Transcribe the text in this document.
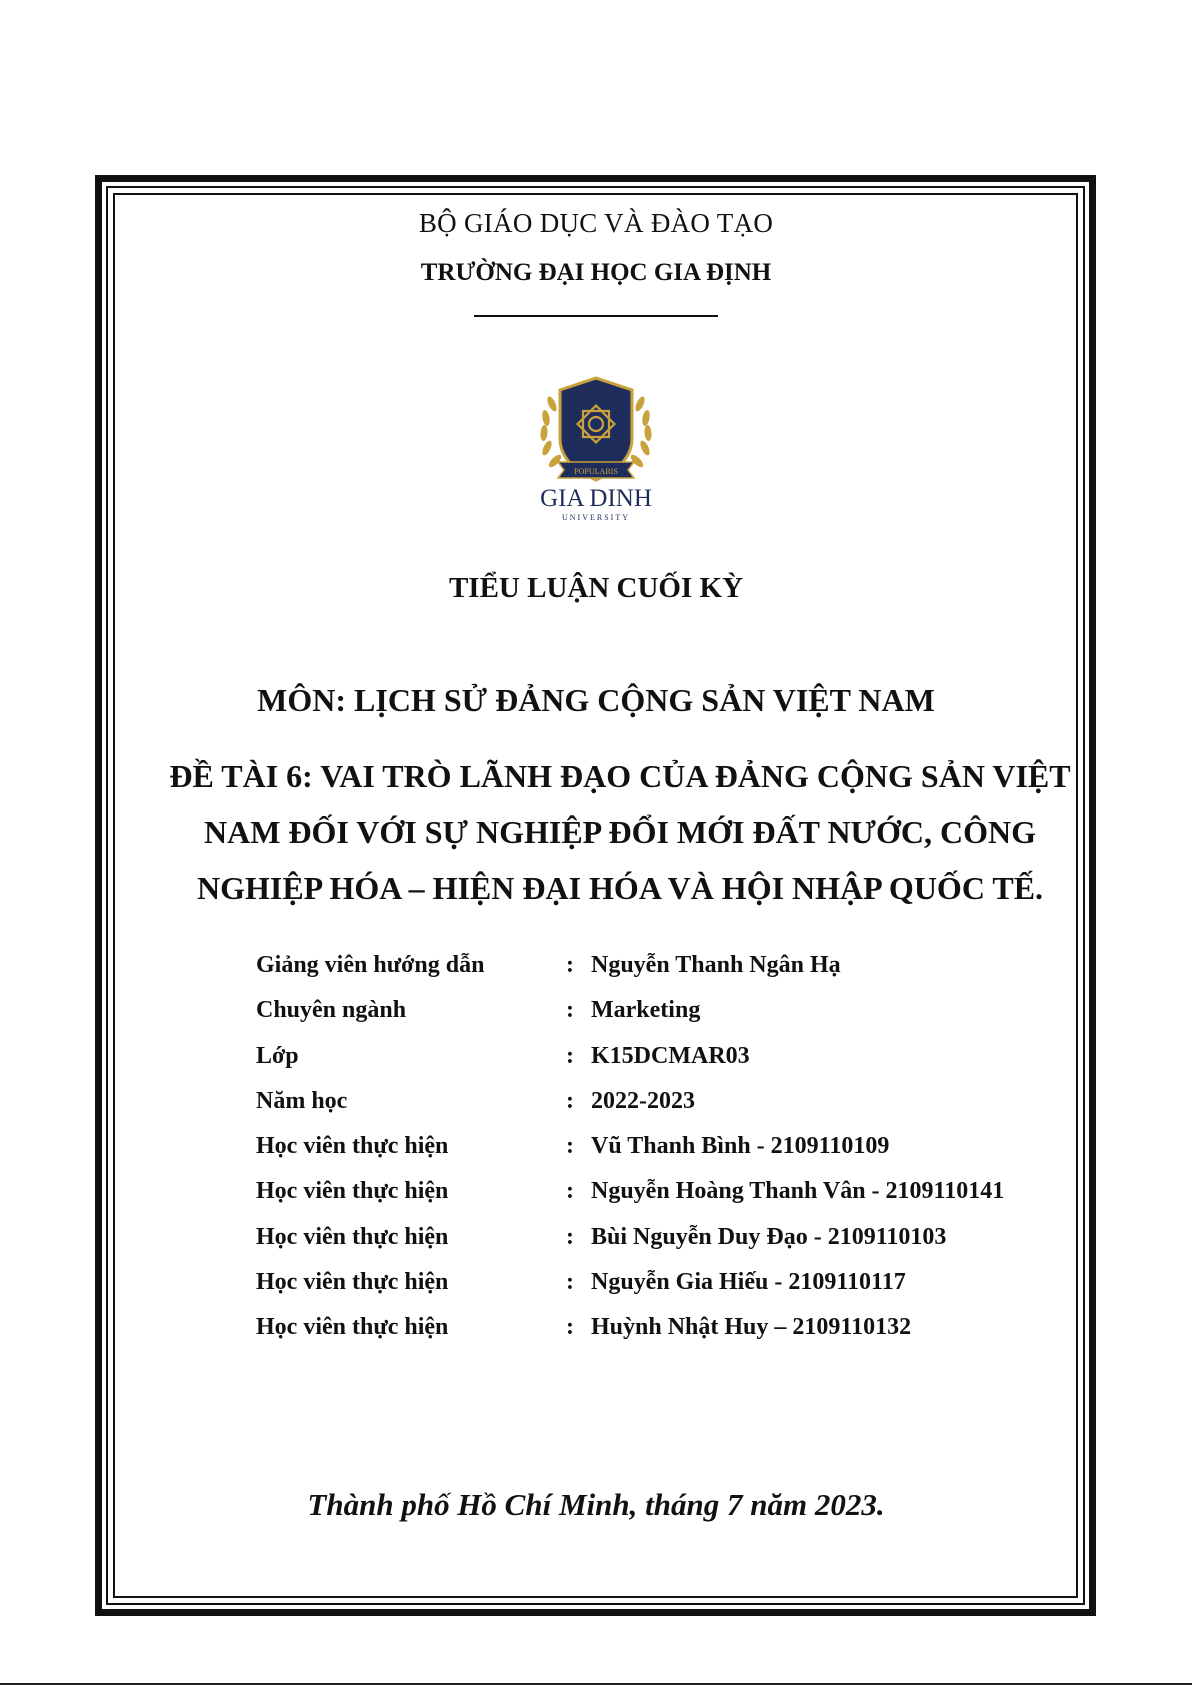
BỘ GIÁO DỤC VÀ ĐÀO TẠO
TRƯỜNG ĐẠI HỌC GIA ĐỊNH
POPULARIS
GIA DINH
UNIVERSITY
TIỂU LUẬN CUỐI KỲ
MÔN: LỊCH SỬ ĐẢNG CỘNG SẢN VIỆT NAM
ĐỀ TÀI 6: VAI TRÒ LÃNH ĐẠO CỦA ĐẢNG CỘNG SẢN VIỆT
NAM ĐỐI VỚI SỰ NGHIỆP ĐỔI MỚI ĐẤT NƯỚC, CÔNG
NGHIỆP HÓA – HIỆN ĐẠI HÓA VÀ HỘI NHẬP QUỐC TẾ.
Giảng viên hướng dẫn	: Nguyễn Thanh Ngân Hạ
Chuyên ngành	: Marketing
Lớp	: K15DCMAR03
Năm học	: 2022-2023
Học viên thực hiện	: Vũ Thanh Bình - 2109110109
Học viên thực hiện	: Nguyễn Hoàng Thanh Vân - 2109110141
Học viên thực hiện	: Bùi Nguyễn Duy Đạo - 2109110103
Học viên thực hiện	: Nguyễn Gia Hiếu - 2109110117
Học viên thực hiện	: Huỳnh Nhật Huy – 2109110132
Thành phố Hồ Chí Minh, tháng 7 năm 2023.
